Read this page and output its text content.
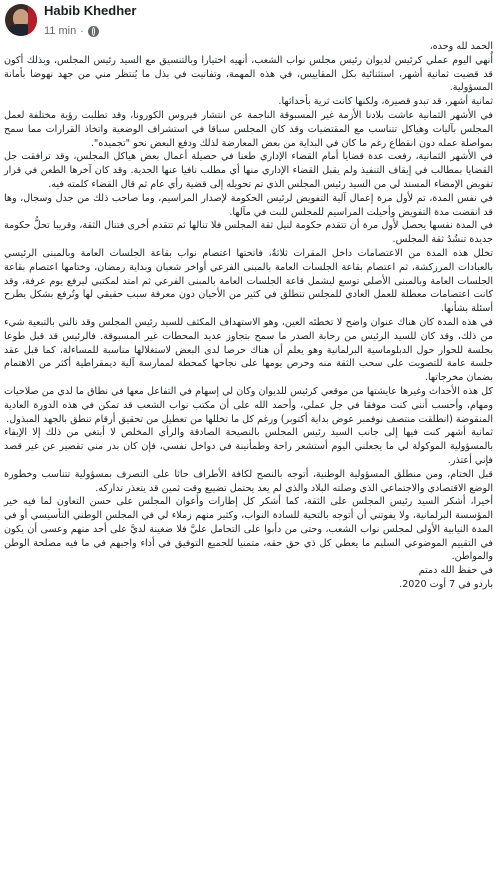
Habib Khedher
11 min ·

الحمد لله وحده،

أُنهي اليوم عملي كرئيس لديوان رئيس مجلس نواب الشعب، أنهيه اختيارا وبالتنسيق مع السيد رئيس المجلس، وبذلك أكون قد قضيت ثمانية أشهر، استثنائية بكل المقاييس، في هذه المهمة، وتفانيت في بذل ما يُنتظر مني من جهد نهوضا بأمانة المسؤولية.

ثمانية أشهر، قد تبدو قصيرة، ولكنها كانت ثرية بأحداثها.

في الأشهر الثمانية عاشت بلادنا الأزمة غير المسبوقة الناجمة عن انتشار فيروس الكورونا، وقد تطلبت رؤية مختلفة لعمل المجلس بآليات وهياكل تتناسب مع المقتضيات وقد كان المجلس سباقا في استشراف الوضعية واتخاذ القرارات مما سمح بمواصلة عمله دون انقطاع رغم ما كان في البداية من بعض المعارضة لذلك ودفع البعض نحو "تجميده".

في الأشهر الثمانية، رفعت عدة قضايا أمام القضاء الإداري طعنا في حصيلة أعمال بعض هياكل المجلس، وقد ترافقت جل القضايا بمطالب في إيقاف التنفيذ ولم يقبل القضاء الإداري منها أي مطلب نافيا عنها الجدية. وقد كان آخرها الطعن في قرار تفويض الإمضاء المسند لي من السيد رئيس المجلس الذي تم تحويله إلى قضية رأي عام ثم قال القضاء كلمته فيه.

في نفس المدة، تم لأول مرة إعمال آلية التفويض لرئيس الحكومة لإصدار المراسيم، وما صاحب ذلك من جدل وسجال، وها قد انقضت مدة التفويض وأحيلت المراسيم للمجلس للبت في مآلها.

في المدة نفسها يحصل لأول مرة أن تتقدم حكومة لنيل ثقة المجلس فلا تنالها ثم تتقدم أخرى فتنال الثقة، وقريبا تحلُّ حكومة جديدة تنشُدُ ثقة المجلس.

تخلل هذه المدة من الاعتصامات داخل المقرات ثلاثةٌ، فاتحتها اعتصام نواب بقاعة الجلسات العامة وبالمبنى الرئيسي بالعبادات المرزكشة، ثم اعتصام بقاعة الجلسات العامة بالمبنى الفرعي أواخر شعبان وبداية رمضان، وختامها اعتصام بقاعة الجلسات العامة وبالمبنى الأصلي توسع ليشمل قاعة الجلسات العامة بالمبنى الفرعي ثم امتد لمكتبي ليرفع يوم عرفة، وقد كانت اعتصامات معطلة للعمل العادي للمجلس تنطلق في كثير من الأحيان دون معرفة سبب حقيقي لها وتُرفع بشكل يطرح أسئلة بشأنها.

في هذه المدة كان هناك عنوان واضح لا تخطئه العين، وهو الاستهداف المكثف للسيد رئيس المجلس وقد نالني بالتبعية شيء من ذلك، وقد كان للسيد الرئيس من رحابة الصدر ما سمح بتجاوز عديد المحطات غير المسبوقة. فالرئيس قد قبل طوعا بجلسة للحوار حول الدبلوماسية البرلمانية وهو يعلم أن هناك حرصا لدى البعض لاستغلالها مناسبة للمساءلة، كما قبل عقد جلسة عامة للتصويت على سحب الثقة منه وحرص يومها على نجاحها كمحطة لممارسة آلية ديمقراطية أكثر من الاهتمام بضمان مخرجاتها.

كل هذه الأحداث وغيرها عايشتها من موقعي كرئيس للديوان وكان لي إسهام في التفاعل معها في نطاق ما لدي من صلاحيات ومهام، وأحسب أنني كنت موفقا في جل عملي، وأحمد الله على أن مكتب نواب الشعب قد تمكن في هذه الدورة العادية المنقوضة (انطلقت منتصف نوفمبر عوض بداية أكتوبر) ورغم كل ما تخللها من تعطيل من تحقيق أرقام تنطق بالجهد المبذول.

ثمانية أشهر كنت فيها إلى جانب السيد رئيس المجلس بالنصيحة الصادقة والرأي المخلص لا أبتغي من ذلك إلا الإيفاء بالمسؤولية الموكولة لي ما يجعلني اليوم أستشعر راحة وطمأنينة في دواخل نفسي، فإن كان بدر مني تقصير عن غير قصد فإني أعتذر.

قبل الختام، ومن منطلق المسؤولية الوطنية، أتوجه بالنصح لكافة الأطراف حاثا على التصرف بمسؤولية تتناسب وخطورة الوضع الاقتصادي والاجتماعي الذي وصلته البلاد والذي لم يعد يحتمل تضييع وقت ثمين قد يتعذر تداركه.

أخيرا، أشكر السيد رئيس المجلس على الثقة، كما أشكر كل إطارات وأعوان المجلس على حسن التعاون لما فيه خير المؤسسة البرلمانية، ولا يفوتني أن أتوجه بالتحية للسادة النواب، وكثير منهم زملاء لي في المجلس الوطني التأسيسي أو في المدة النيابية الأولى لمجلس نواب الشعب، وحتى من دأبوا على التحامل عليَّ فلا ضغينة لديَّ على أحد منهم وعسى أن يكون في التقييم الموضوعي السليم ما يعطي كل ذي حق حقه، متمنيا للجميع التوفيق في أداء واجبهم في ما فيه مصلحة الوطن والمواطن.

في حفظ الله دمتم

باردو في 7 أوت 2020.
